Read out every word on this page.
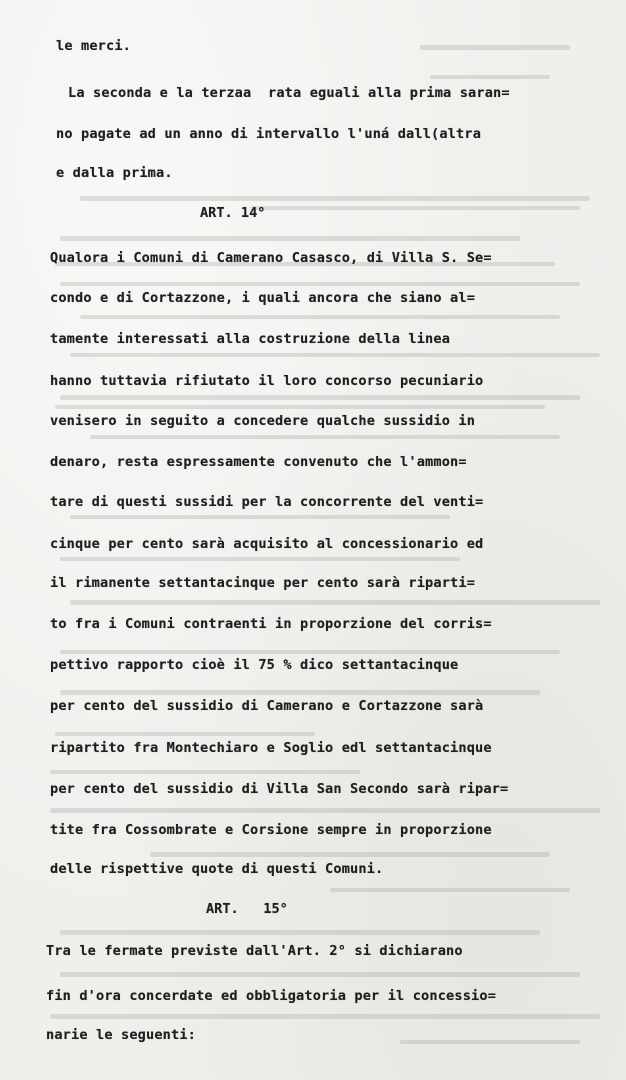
le merci.
La seconda e la terzaa  rata eguali alla prima saran=
no pagate ad un anno di intervallo l'uná dall(altra
e dalla prima.
ART. 14°
Qualora i Comuni di Camerano Casasco, di Villa S. Se=
condo e di Cortazzone, i quali ancora che siano al=
tamente interessati alla costruzione della linea
hanno tuttavia rifiutato il loro concorso pecuniario
venisero in seguito a concedere qualche sussidio in
denaro, resta espressamente convenuto che l'ammon=
tare di questi sussidi per la concorrente del venti=
cinque per cento sarà acquisito al concessionario ed
il rimanente settantacinque per cento sarà riparti=
to fra i Comuni contraenti in proporzione del corris=
pettivo rapporto cioè il 75 % dico settantacinque
per cento del sussidio di Camerano e Cortazzone sarà
ripartito fra Montechiaro e Soglio edl settantacinque
per cento del sussidio di Villa San Secondo sarà ripar=
tite fra Cossombrate e Corsione sempre in proporzione
delle rispettive quote di questi Comuni.
ART.   15°
Tra le fermate previste dall'Art. 2° si dichiarano
fin d'ora concerdate ed obbligatoria per il concessio=
narie le seguenti:
